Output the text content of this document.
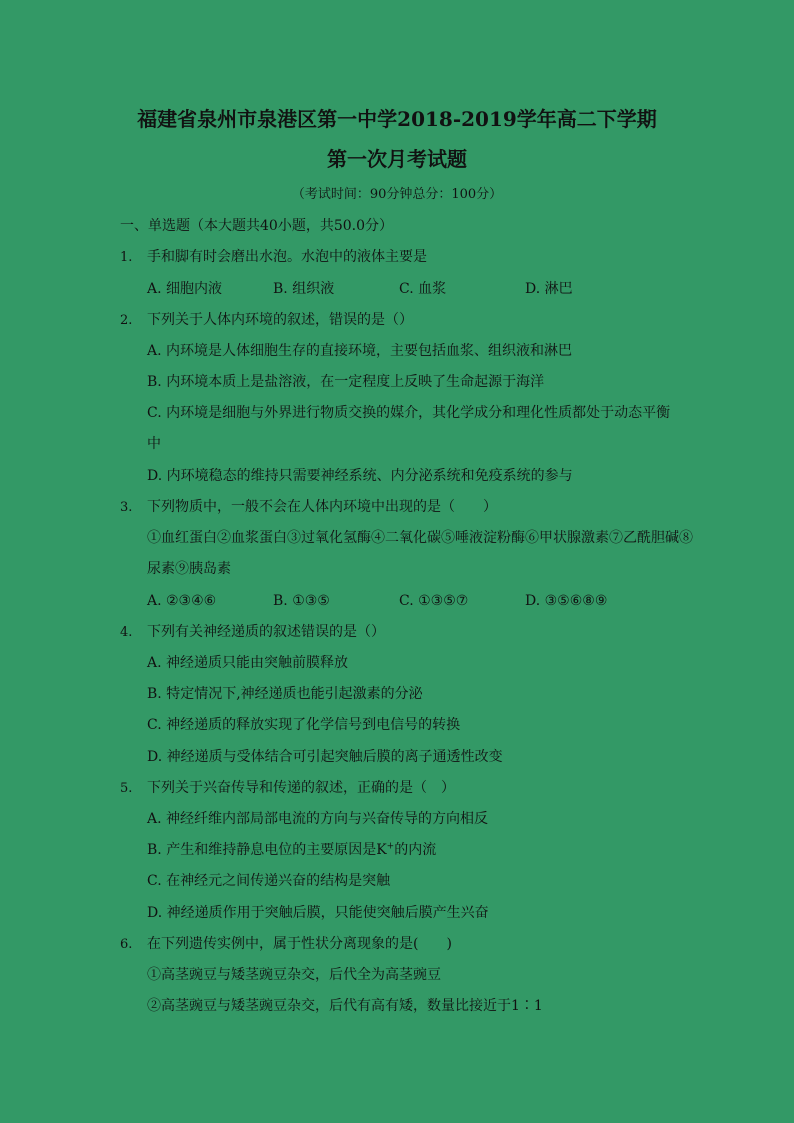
福建省泉州市泉港区第一中学2018-2019学年高二下学期
第一次月考试题
（考试时间：90分钟总分：100分）
一、单选题（本大题共40小题，共50.0分）
1. 手和脚有时会磨出水泡。水泡中的液体主要是
A. 细胞内液	B. 组织液	C. 血浆	D. 淋巴
2. 下列关于人体内环境的叙述，错误的是（）
A. 内环境是人体细胞生存的直接环境，主要包括血浆、组织液和淋巴
B. 内环境本质上是盐溶液，在一定程度上反映了生命起源于海洋
C. 内环境是细胞与外界进行物质交换的媒介，其化学成分和理化性质都处于动态平衡
中
D. 内环境稳态的维持只需要神经系统、内分泌系统和免疫系统的参与
3. 下列物质中，一般不会在人体内环境中出现的是（　　）
①血红蛋白②血浆蛋白③过氧化氢酶④二氧化碳⑤唾液淀粉酶⑥甲状腺激素⑦乙酰胆碱⑧
尿素⑨胰岛素
A. ②③④⑥	B. ①③⑤	C. ①③⑤⑦	D. ③⑤⑥⑧⑨
4. 下列有关神经递质的叙述错误的是（）
A. 神经递质只能由突触前膜释放
B. 特定情况下,神经递质也能引起激素的分泌
C. 神经递质的释放实现了化学信号到电信号的转换
D. 神经递质与受体结合可引起突触后膜的离子通透性改变
5. 下列关于兴奋传导和传递的叙述，正确的是（　）
A. 神经纤维内部局部电流的方向与兴奋传导的方向相反
B. 产生和维持静息电位的主要原因是K+的内流
C. 在神经元之间传递兴奋的结构是突触
D. 神经递质作用于突触后膜，只能使突触后膜产生兴奋
6. 在下列遗传实例中，属于性状分离现象的是(　　)
①高茎豌豆与矮茎豌豆杂交，后代全为高茎豌豆
②高茎豌豆与矮茎豌豆杂交，后代有高有矮，数量比接近于1∶1
